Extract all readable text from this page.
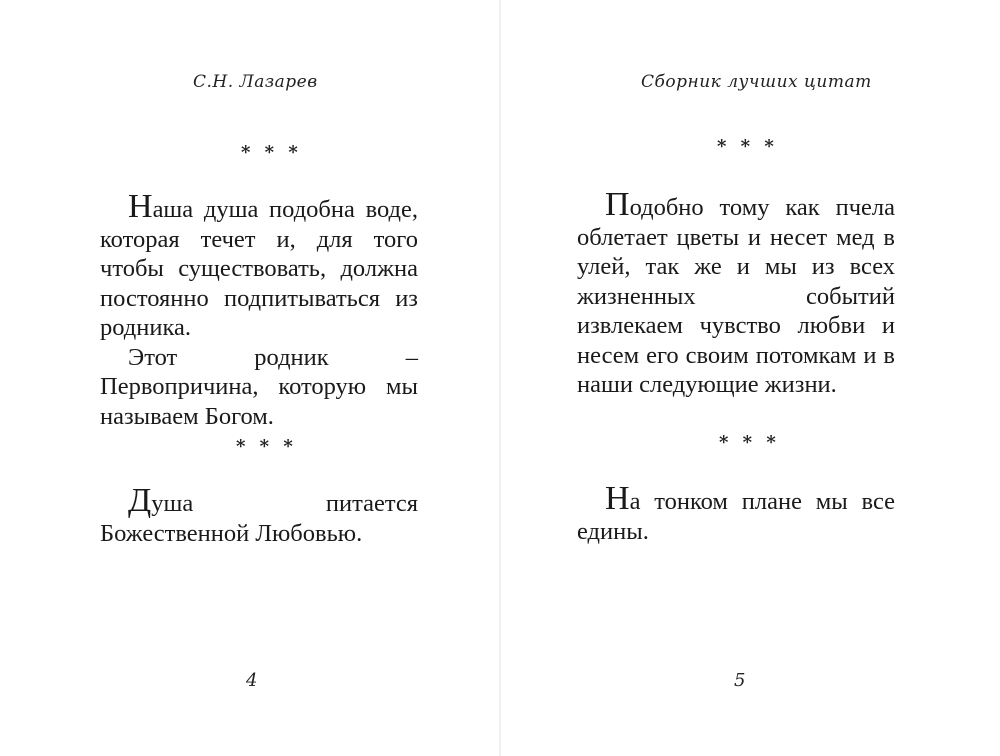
С.Н. Лазарев
* * *

Наша душа подобна воде, которая течет и, для того чтобы существовать, должна постоянно подпитываться из родника.

Этот родник – Первопричина, которую мы называем Богом.

* * *

Душа питается Божественной Любовью.

4
Сборник лучших цитат
* * *

Подобно тому как пчела облетает цветы и несет мед в улей, так же и мы из всех жизненных событий извлекаем чувство любви и несем его своим потомкам и в наши следующие жизни.

* * *

На тонком плане мы все едины.

5
